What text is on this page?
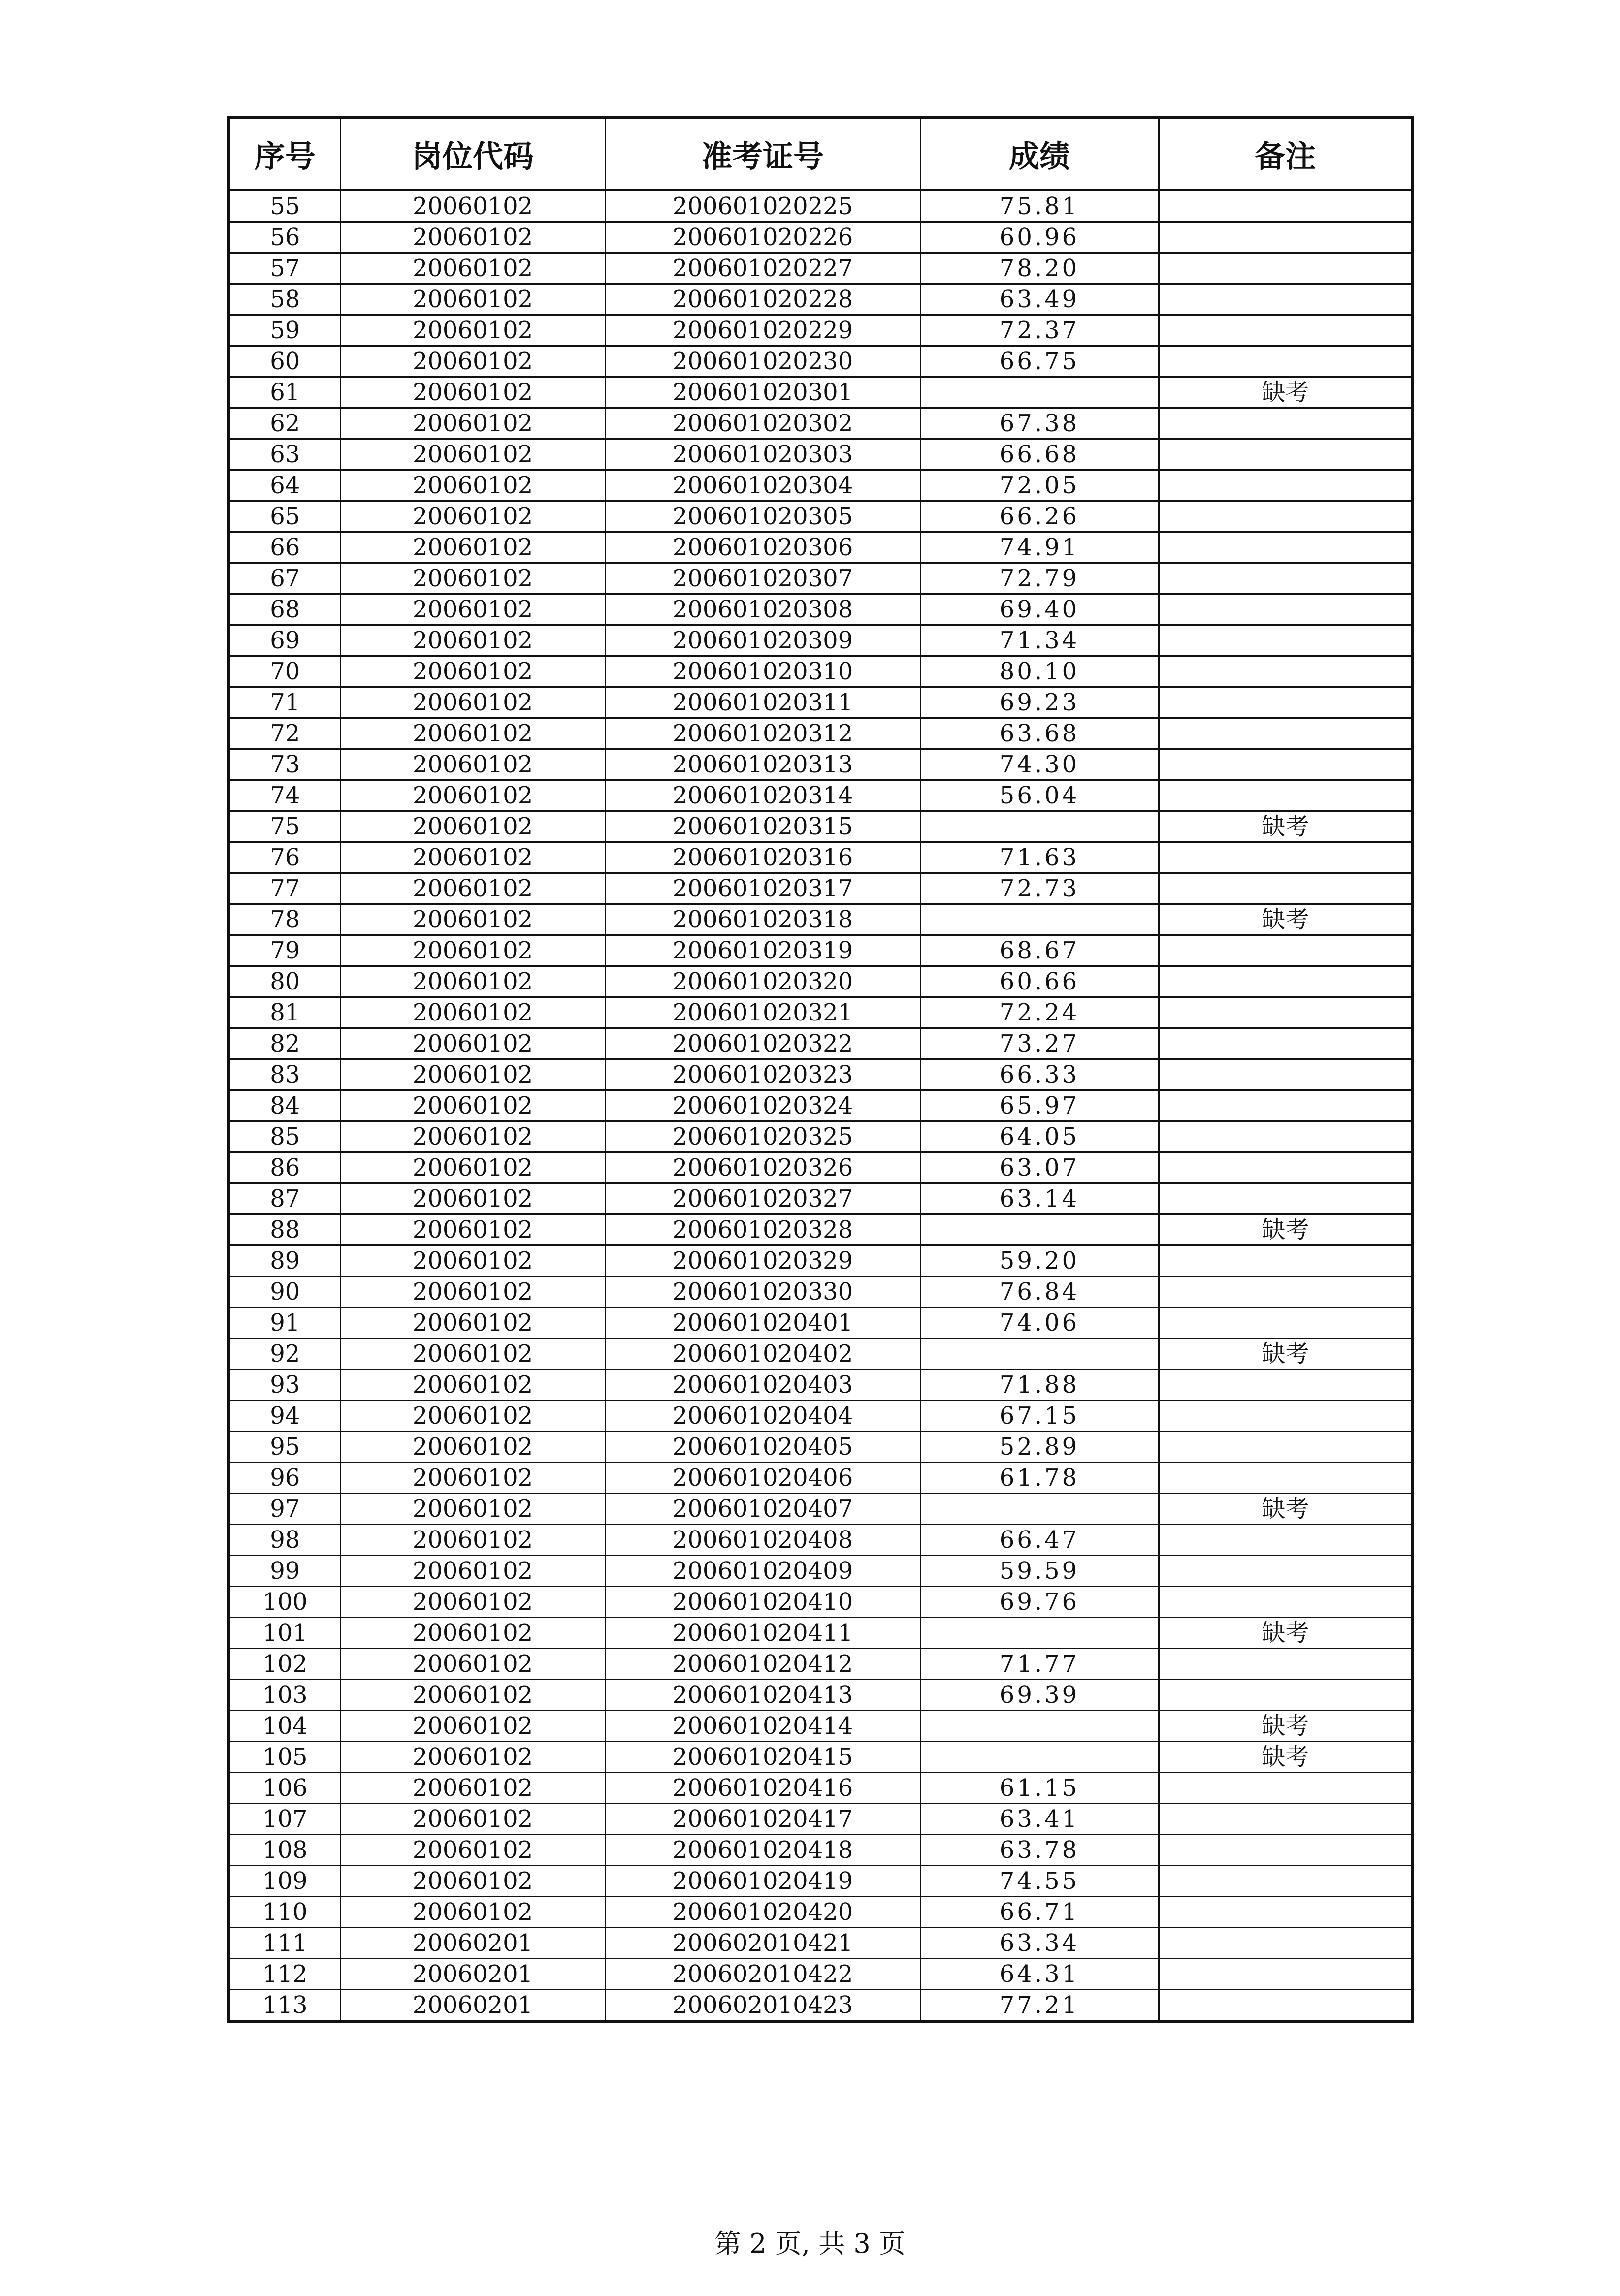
序号	岗位代码	准考证号	成绩	备注
55	20060102	200601020225	75.81	
56	20060102	200601020226	60.96	
57	20060102	200601020227	78.20	
58	20060102	200601020228	63.49	
59	20060102	200601020229	72.37	
60	20060102	200601020230	66.75	
61	20060102	200601020301		缺考
62	20060102	200601020302	67.38	
63	20060102	200601020303	66.68	
64	20060102	200601020304	72.05	
65	20060102	200601020305	66.26	
66	20060102	200601020306	74.91	
67	20060102	200601020307	72.79	
68	20060102	200601020308	69.40	
69	20060102	200601020309	71.34	
70	20060102	200601020310	80.10	
71	20060102	200601020311	69.23	
72	20060102	200601020312	63.68	
73	20060102	200601020313	74.30	
74	20060102	200601020314	56.04	
75	20060102	200601020315		缺考
76	20060102	200601020316	71.63	
77	20060102	200601020317	72.73	
78	20060102	200601020318		缺考
79	20060102	200601020319	68.67	
80	20060102	200601020320	60.66	
81	20060102	200601020321	72.24	
82	20060102	200601020322	73.27	
83	20060102	200601020323	66.33	
84	20060102	200601020324	65.97	
85	20060102	200601020325	64.05	
86	20060102	200601020326	63.07	
87	20060102	200601020327	63.14	
88	20060102	200601020328		缺考
89	20060102	200601020329	59.20	
90	20060102	200601020330	76.84	
91	20060102	200601020401	74.06	
92	20060102	200601020402		缺考
93	20060102	200601020403	71.88	
94	20060102	200601020404	67.15	
95	20060102	200601020405	52.89	
96	20060102	200601020406	61.78	
97	20060102	200601020407		缺考
98	20060102	200601020408	66.47	
99	20060102	200601020409	59.59	
100	20060102	200601020410	69.76	
101	20060102	200601020411		缺考
102	20060102	200601020412	71.77	
103	20060102	200601020413	69.39	
104	20060102	200601020414		缺考
105	20060102	200601020415		缺考
106	20060102	200601020416	61.15	
107	20060102	200601020417	63.41	
108	20060102	200601020418	63.78	
109	20060102	200601020419	74.55	
110	20060102	200601020420	66.71	
111	20060201	200602010421	63.34	
112	20060201	200602010422	64.31	
113	20060201	200602010423	77.21	
第 2 页, 共 3 页
